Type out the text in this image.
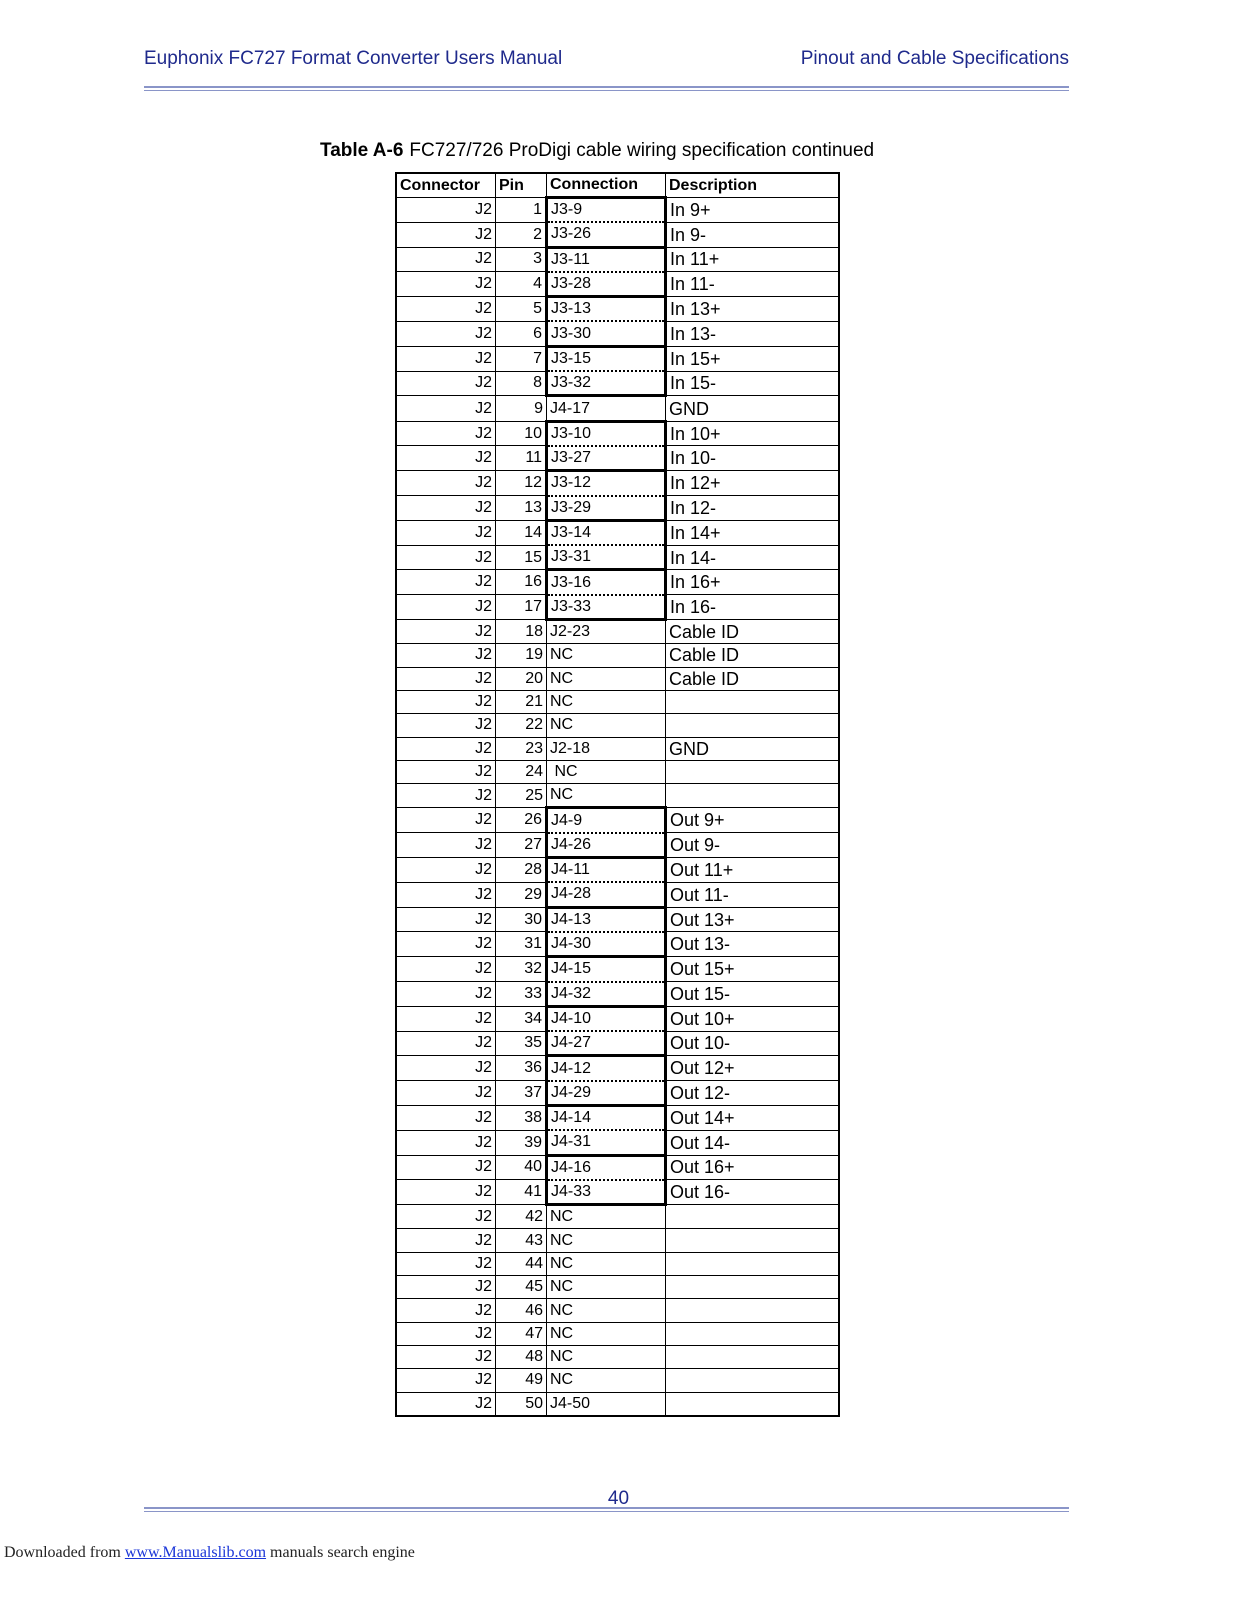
Euphonix FC727 Format Converter Users Manual	Pinout and Cable Specifications
Table A-6 FC727/726 ProDigi cable wiring specification continued
Connector	Pin	Connection	Description
J2	1	J3-9	In 9+
J2	2	J3-26	In 9-
J2	3	J3-11	In 11+
J2	4	J3-28	In 11-
J2	5	J3-13	In 13+
J2	6	J3-30	In 13-
J2	7	J3-15	In 15+
J2	8	J3-32	In 15-
J2	9	J4-17	GND
J2	10	J3-10	In 10+
J2	11	J3-27	In 10-
J2	12	J3-12	In 12+
J2	13	J3-29	In 12-
J2	14	J3-14	In 14+
J2	15	J3-31	In 14-
J2	16	J3-16	In 16+
J2	17	J3-33	In 16-
J2	18	J2-23	Cable ID
J2	19	NC	Cable ID
J2	20	NC	Cable ID
J2	21	NC	
J2	22	NC	
J2	23	J2-18	GND
J2	24	NC	
J2	25	NC	
J2	26	J4-9	Out 9+
J2	27	J4-26	Out 9-
J2	28	J4-11	Out 11+
J2	29	J4-28	Out 11-
J2	30	J4-13	Out 13+
J2	31	J4-30	Out 13-
J2	32	J4-15	Out 15+
J2	33	J4-32	Out 15-
J2	34	J4-10	Out 10+
J2	35	J4-27	Out 10-
J2	36	J4-12	Out 12+
J2	37	J4-29	Out 12-
J2	38	J4-14	Out 14+
J2	39	J4-31	Out 14-
J2	40	J4-16	Out 16+
J2	41	J4-33	Out 16-
J2	42	NC	
J2	43	NC	
J2	44	NC	
J2	45	NC	
J2	46	NC	
J2	47	NC	
J2	48	NC	
J2	49	NC	
J2	50	J4-50	
40
Downloaded from www.Manualslib.com manuals search engine
